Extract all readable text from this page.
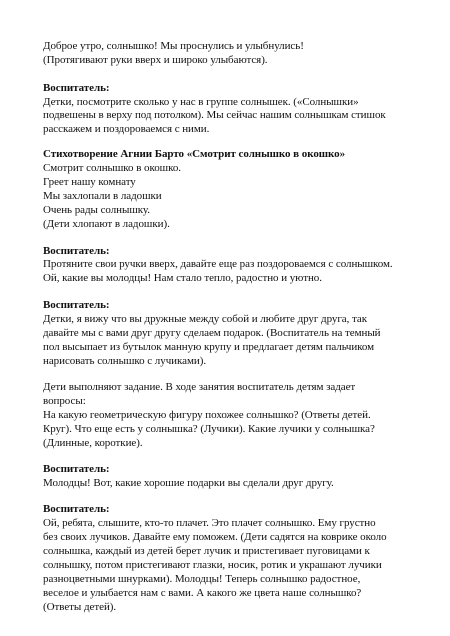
Доброе утро, солнышко! Мы проснулись и улыбнулись!
(Протягивают руки вверх и широко улыбаются).
Воспитатель:
Детки, посмотрите сколько у нас в группе солнышек. («Солнышки»
подвешены в верху под потолком). Мы сейчас нашим солнышкам стишок
расскажем и поздороваемся с ними.
Стихотворение Агнии Барто «Смотрит солнышко в окошко»
Смотрит солнышко в окошко.
Греет нашу комнату
Мы захлопали в ладошки
Очень рады солнышку.
(Дети хлопают в ладошки).
Воспитатель:
Протяните свои ручки вверх, давайте еще раз поздороваемся с солнышком.
Ой, какие вы молодцы! Нам стало тепло, радостно и уютно.
Воспитатель:
Детки, я вижу что вы дружные между собой и любите друг друга, так
давайте мы с вами друг другу сделаем подарок. (Воспитатель на темный
пол высыпает из бутылок манную крупу и предлагает детям пальчиком
нарисовать солнышко с лучиками).
Дети выполняют задание. В ходе занятия воспитатель детям задает
вопросы:
На какую геометрическую фигуру похожее солнышко? (Ответы детей.
Круг). Что еще есть у солнышка? (Лучики). Какие лучики у солнышка?
(Длинные, короткие).
Воспитатель:
Молодцы! Вот, какие хорошие подарки вы сделали друг другу.
Воспитатель:
Ой, ребята, слышите, кто-то плачет. Это плачет солнышко. Ему грустно
без своих лучиков. Давайте ему поможем. (Дети садятся на коврике около
солнышка, каждый из детей берет лучик и пристегивает пуговицами к
солнышку, потом пристегивают глазки, носик, ротик и украшают лучики
разноцветными шнурками). Молодцы! Теперь солнышко радостное,
веселое и улыбается нам с вами. А какого же цвета наше солнышко?
(Ответы детей).
